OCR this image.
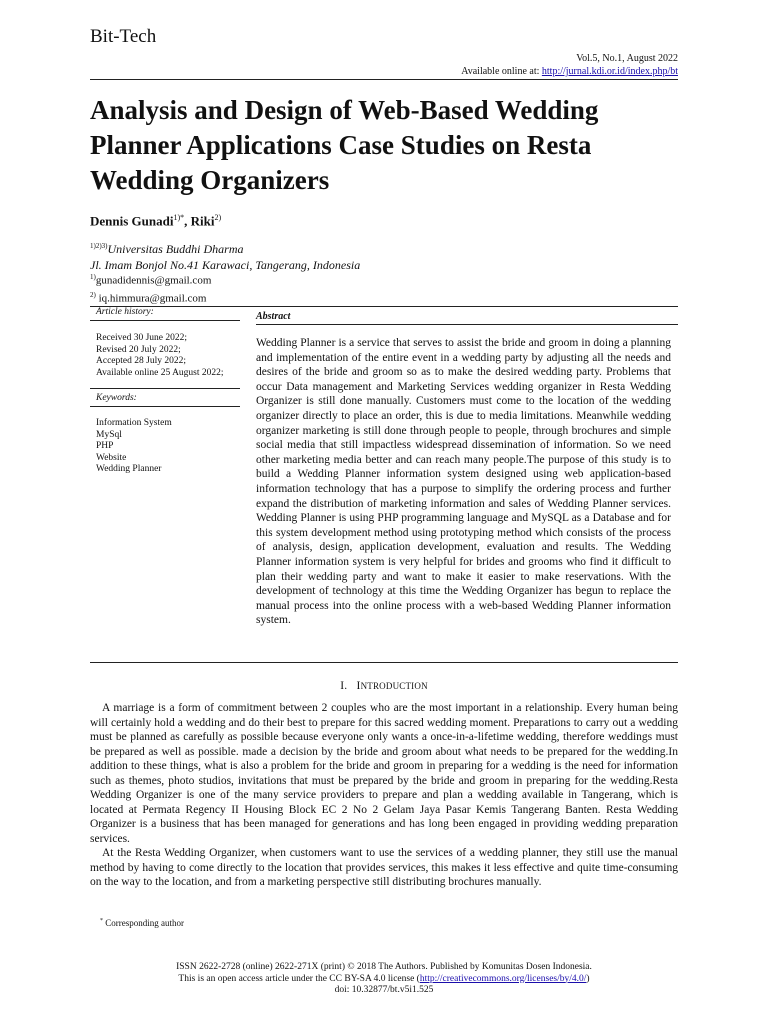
Bit-Tech
Vol.5, No.1, August 2022
Available online at: http://jurnal.kdi.or.id/index.php/bt
Analysis and Design of Web-Based Wedding Planner Applications Case Studies on Resta Wedding Organizers
Dennis Gunadi$^{1)*}$, Riki$^{2)}$
$^{1)2)3)}$Universitas Buddhi Dharma
Jl. Imam Bonjol No.41 Karawaci, Tangerang, Indonesia
$^{1)}$gunadidennis@gmail.com
$^{2)}$ iq.himmura@gmail.com
Article history:
Received 30 June 2022;
Revised 20 July 2022;
Accepted 28 July 2022;
Available online 25 August 2022;
Keywords:
Information System
MySql
PHP
Website
Wedding Planner
Abstract
Wedding Planner is a service that serves to assist the bride and groom in doing a planning and implementation of the entire event in a wedding party by adjusting all the needs and desires of the bride and groom so as to make the desired wedding party. Problems that occur Data management and Marketing Services wedding organizer in Resta Wedding Organizer is still done manually. Customers must come to the location of the wedding organizer directly to place an order, this is due to media limitations. Meanwhile wedding organizer marketing is still done through people to people, through brochures and simple social media that still impactless widespread dissemination of information. So we need other marketing media better and can reach many people.The purpose of this study is to build a Wedding Planner information system designed using web application-based information technology that has a purpose to simplify the ordering process and further expand the distribution of marketing information and sales of Wedding Planner services. Wedding Planner is using PHP programming language and MySQL as a Database and for this system development method using prototyping method which consists of the process of analysis, design, application development, evaluation and results. The Wedding Planner information system is very helpful for brides and grooms who find it difficult to plan their wedding party and want to make it easier to make reservations. With the development of technology at this time the Wedding Organizer has begun to replace the manual process into the online process with a web-based Wedding Planner information system.
I. INTRODUCTION

A marriage is a form of commitment between 2 couples who are the most important in a relationship. Every human being will certainly hold a wedding and do their best to prepare for this sacred wedding moment. Preparations to carry out a wedding must be planned as carefully as possible because everyone only wants a once-in-a-lifetime wedding, therefore weddings must be prepared as well as possible. made a decision by the bride and groom about what needs to be prepared for the wedding.In addition to these things, what is also a problem for the bride and groom in preparing for a wedding is the need for information such as themes, photo studios, invitations that must be prepared by the bride and groom in preparing for the wedding.Resta Wedding Organizer is one of the many service providers to prepare and plan a wedding available in Tangerang, which is located at Permata Regency II Housing Block EC 2 No 2 Gelam Jaya Pasar Kemis Tangerang Banten. Resta Wedding Organizer is a business that has been managed for generations and has long been engaged in providing wedding preparation services.

At the Resta Wedding Organizer, when customers want to use the services of a wedding planner, they still use the manual method by having to come directly to the location that provides services, this makes it less effective and quite time-consuming on the way to the location, and from a marketing perspective still distributing brochures manually.

* Corresponding author
ISSN 2622-2728 (online) 2622-271X (print) © 2018 The Authors. Published by Komunitas Dosen Indonesia.
This is an open access article under the CC BY-SA 4.0 license (http://creativecommons.org/licenses/by/4.0/)
doi: 10.32877/bt.v5i1.525
